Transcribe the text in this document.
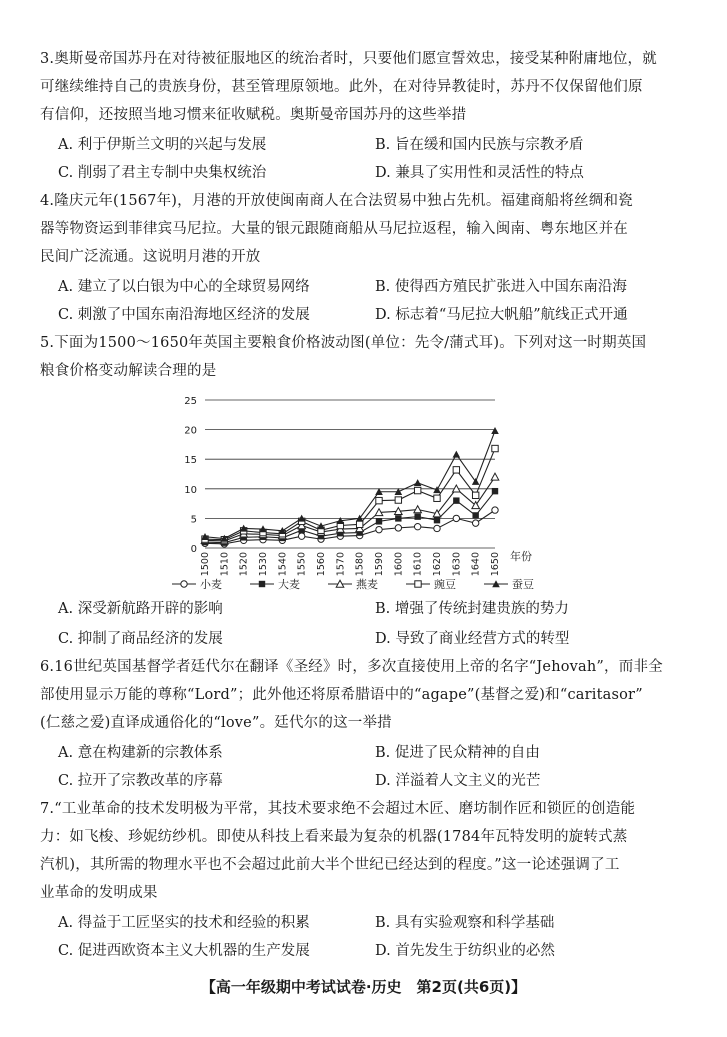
3.奥斯曼帝国苏丹在对待被征服地区的统治者时，只要他们愿宣誓效忠，接受某种附庸地位，就
可继续维持自己的贵族身份，甚至管理原领地。此外，在对待异教徒时，苏丹不仅保留他们原
有信仰，还按照当地习惯来征收赋税。奥斯曼帝国苏丹的这些举措
A. 利于伊斯兰文明的兴起与发展	B. 旨在缓和国内民族与宗教矛盾
C. 削弱了君主专制中央集权统治	D. 兼具了实用性和灵活性的特点
4.隆庆元年(1567年)，月港的开放使闽南商人在合法贸易中独占先机。福建商船将丝绸和瓷
器等物资运到菲律宾马尼拉。大量的银元跟随商船从马尼拉返程，输入闽南、粤东地区并在
民间广泛流通。这说明月港的开放
A. 建立了以白银为中心的全球贸易网络	B. 使得西方殖民扩张进入中国东南沿海
C. 刺激了中国东南沿海地区经济的发展	D. 标志着“马尼拉大帆船”航线正式开通
5.下面为1500～1650年英国主要粮食价格波动图(单位：先令/蒲式耳)。下列对这一时期英国
粮食价格变动解读合理的是
0
5
10
15
20
25
1500 1510 1520 1530 1540 1550 1560 1570 1580 1590 1600 1610 1620 1630 1640 1650 年份
小麦	大麦	燕麦	豌豆	蚕豆
A. 深受新航路开辟的影响	B. 增强了传统封建贵族的势力
C. 抑制了商品经济的发展	D. 导致了商业经营方式的转型
6.16世纪英国基督学者廷代尔在翻译《圣经》时，多次直接使用上帝的名字“Jehovah”，而非全
部使用显示万能的尊称“Lord”；此外他还将原希腊语中的“agape”(基督之爱)和“caritasor”
(仁慈之爱)直译成通俗化的“love”。廷代尔的这一举措
A. 意在构建新的宗教体系	B. 促进了民众精神的自由
C. 拉开了宗教改革的序幕	D. 洋溢着人文主义的光芒
7.“工业革命的技术发明极为平常，其技术要求绝不会超过木匠、磨坊制作匠和锁匠的创造能
力：如飞梭、珍妮纺纱机。即使从科技上看来最为复杂的机器(1784年瓦特发明的旋转式蒸
汽机)，其所需的物理水平也不会超过此前大半个世纪已经达到的程度。”这一论述强调了工
业革命的发明成果
A. 得益于工匠坚实的技术和经验的积累	B. 具有实验观察和科学基础
C. 促进西欧资本主义大机器的生产发展	D. 首先发生于纺织业的必然
【高一年级期中考试试卷·历史　第2页(共6页)】
